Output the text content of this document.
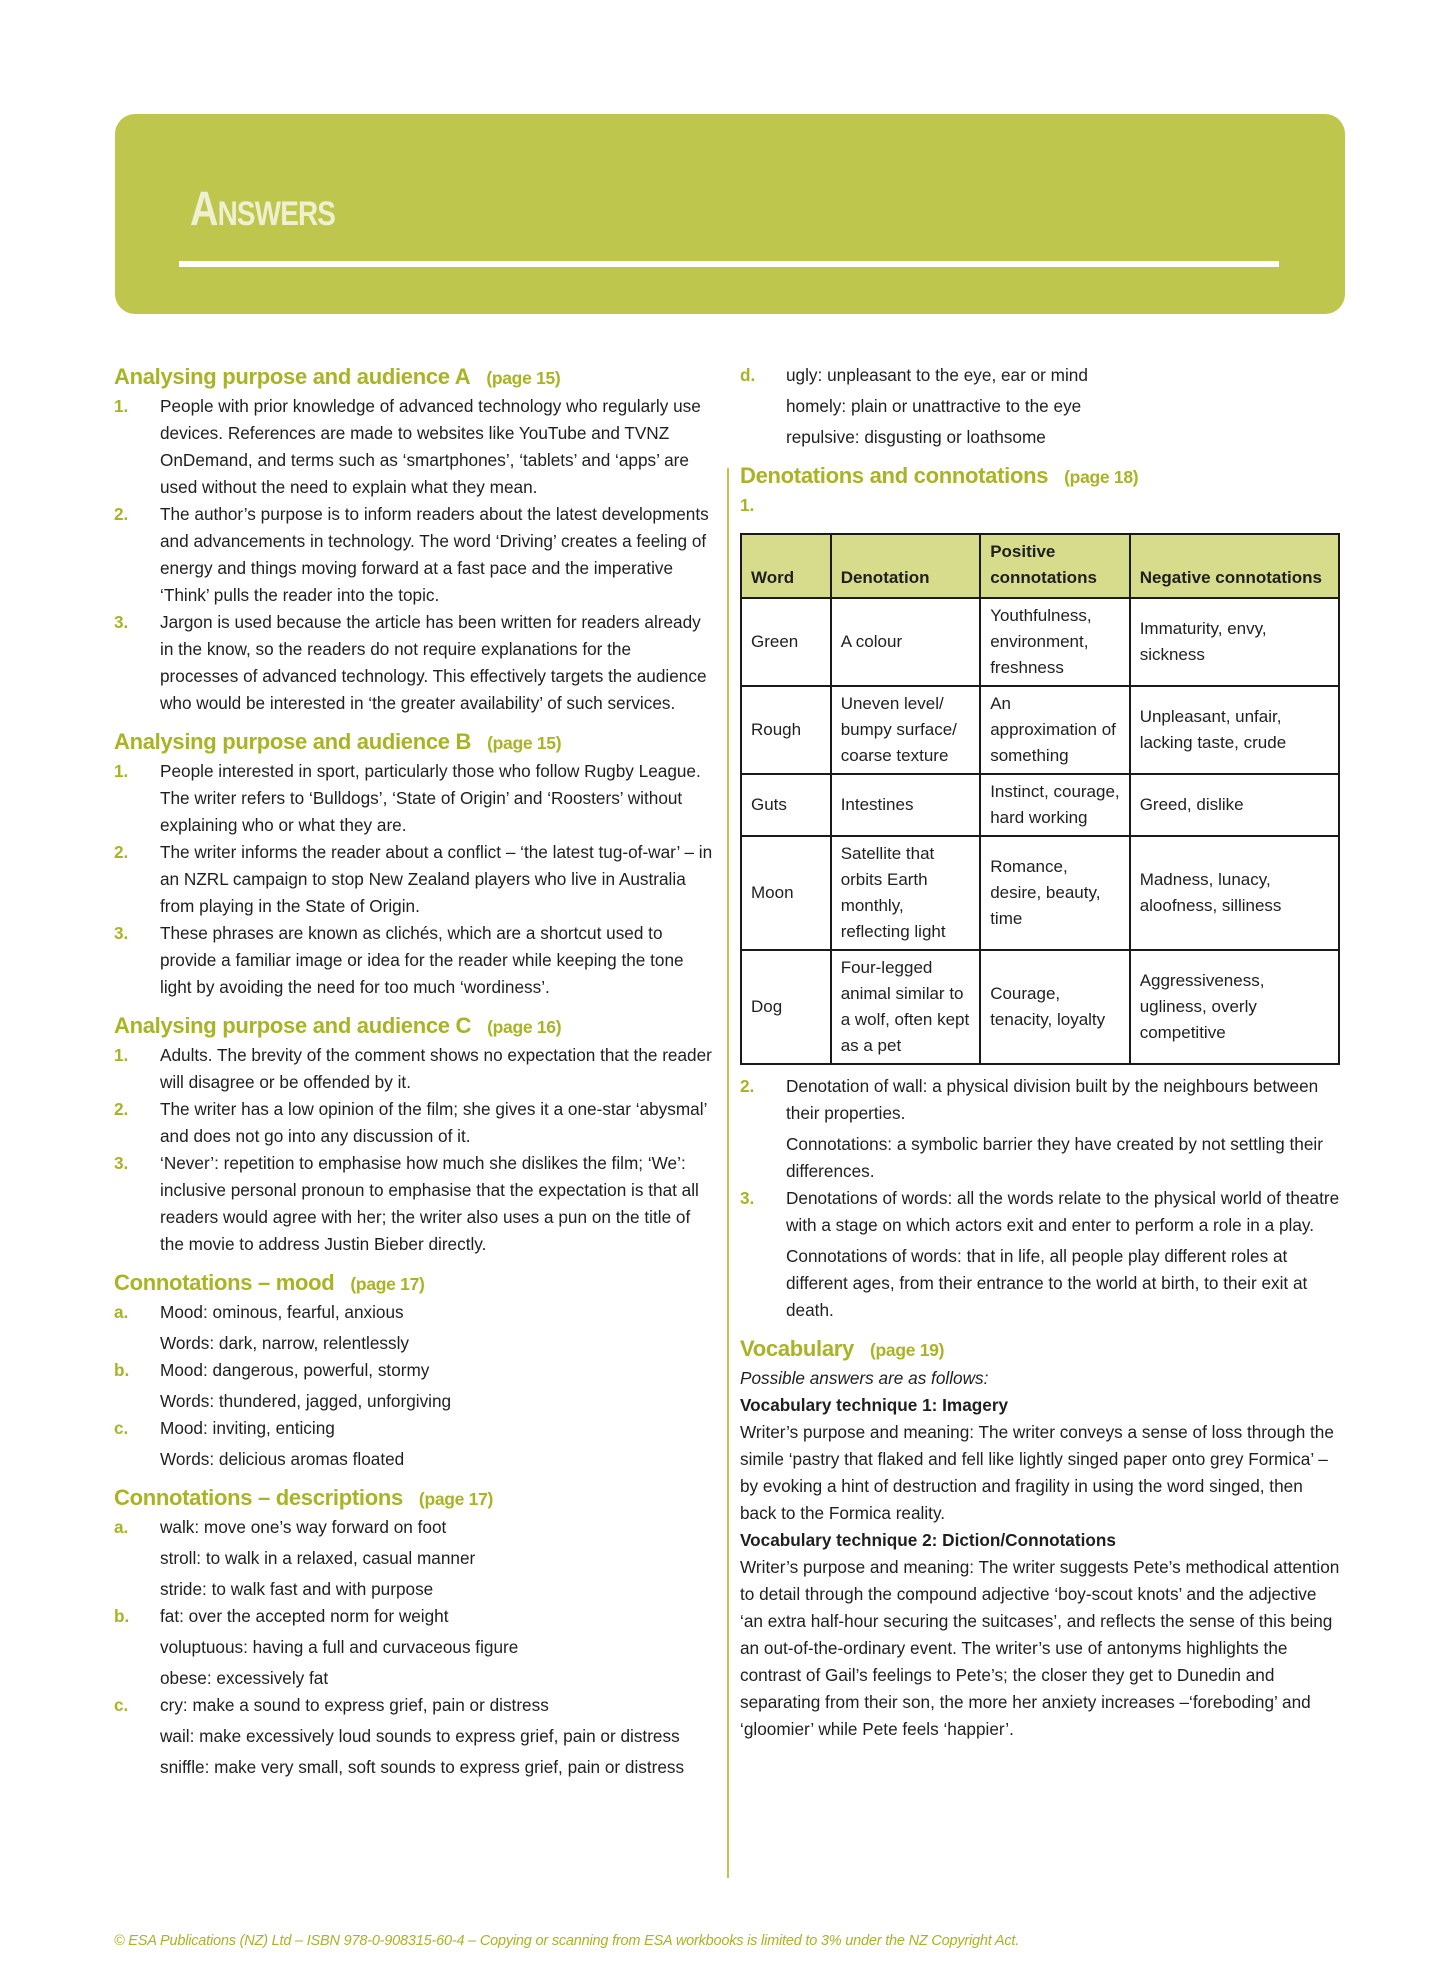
Answers
Analysing purpose and audience A (page 15)
1. People with prior knowledge of advanced technology who regularly use devices. References are made to websites like YouTube and TVNZ OnDemand, and terms such as ‘smartphones’, ‘tablets’ and ‘apps’ are used without the need to explain what they mean.

2. The author’s purpose is to inform readers about the latest developments and advancements in technology. The word ‘Driving’ creates a feeling of energy and things moving forward at a fast pace and the imperative ‘Think’ pulls the reader into the topic.

3. Jargon is used because the article has been written for readers already in the know, so the readers do not require explanations for the processes of advanced technology. This effectively targets the audience who would be interested in ‘the greater availability’ of such services.

Analysing purpose and audience B (page 15)
1. People interested in sport, particularly those who follow Rugby League. The writer refers to ‘Bulldogs’, ‘State of Origin’ and ‘Roosters’ without explaining who or what they are.

2. The writer informs the reader about a conflict – ‘the latest tug-of-war’ – in an NZRL campaign to stop New Zealand players who live in Australia from playing in the State of Origin.

3. These phrases are known as clichés, which are a shortcut used to provide a familiar image or idea for the reader while keeping the tone light by avoiding the need for too much ‘wordiness’.

Analysing purpose and audience C (page 16)
1. Adults. The brevity of the comment shows no expectation that the reader will disagree or be offended by it.

2. The writer has a low opinion of the film; she gives it a one-star ‘abysmal’ and does not go into any discussion of it.

3. ‘Never’: repetition to emphasise how much she dislikes the film; ‘We’: inclusive personal pronoun to emphasise that the expectation is that all readers would agree with her; the writer also uses a pun on the title of the movie to address Justin Bieber directly.

Connotations – mood (page 17)
a. Mood: ominous, fearful, anxious

Words: dark, narrow, relentlessly

b. Mood: dangerous, powerful, stormy

Words: thundered, jagged, unforgiving

c. Mood: inviting, enticing

Words: delicious aromas floated

Connotations – descriptions (page 17)
a. walk: move one’s way forward on foot

stroll: to walk in a relaxed, casual manner

stride: to walk fast and with purpose

b. fat: over the accepted norm for weight

voluptuous: having a full and curvaceous figure

obese: excessively fat

c. cry: make a sound to express grief, pain or distress

wail: make excessively loud sounds to express grief, pain or distress

sniffle: make very small, soft sounds to express grief, pain or distress

d. ugly: unpleasant to the eye, ear or mind

homely: plain or unattractive to the eye

repulsive: disgusting or loathsome

Denotations and connotations (page 18)
1.

Word	Denotation	Positive connotations	Negative connotations
Green	A colour	Youthfulness, environment, freshness	Immaturity, envy, sickness
Rough	Uneven level/ bumpy surface/ coarse texture	An approximation of something	Unpleasant, unfair, lacking taste, crude
Guts	Intestines	Instinct, courage, hard working	Greed, dislike
Moon	Satellite that orbits Earth monthly, reflecting light	Romance, desire, beauty, time	Madness, lunacy, aloofness, silliness
Dog	Four-legged animal similar to a wolf, often kept as a pet	Courage, tenacity, loyalty	Aggressiveness, ugliness, overly competitive
2. Denotation of wall: a physical division built by the neighbours between their properties.

Connotations: a symbolic barrier they have created by not settling their differences.

3. Denotations of words: all the words relate to the physical world of theatre with a stage on which actors exit and enter to perform a role in a play.

Connotations of words: that in life, all people play different roles at different ages, from their entrance to the world at birth, to their exit at death.

Vocabulary (page 19)

Possible answers are as follows:

Vocabulary technique 1: Imagery

Writer’s purpose and meaning: The writer conveys a sense of loss through the simile ‘pastry that flaked and fell like lightly singed paper onto grey Formica’ – by evoking a hint of destruction and fragility in using the word singed, then back to the Formica reality.

Vocabulary technique 2: Diction/Connotations

Writer’s purpose and meaning: The writer suggests Pete’s methodical attention to detail through the compound adjective ‘boy-scout knots’ and the adjective ‘an extra half-hour securing the suitcases’, and reflects the sense of this being an out-of-the-ordinary event. The writer’s use of antonyms highlights the contrast of Gail’s feelings to Pete’s; the closer they get to Dunedin and separating from their son, the more her anxiety increases –‘foreboding’ and ‘gloomier’ while Pete feels ‘happier’.

© ESA Publications (NZ) Ltd – ISBN 978-0-908315-60-4 – Copying or scanning from ESA workbooks is limited to 3% under the NZ Copyright Act.
